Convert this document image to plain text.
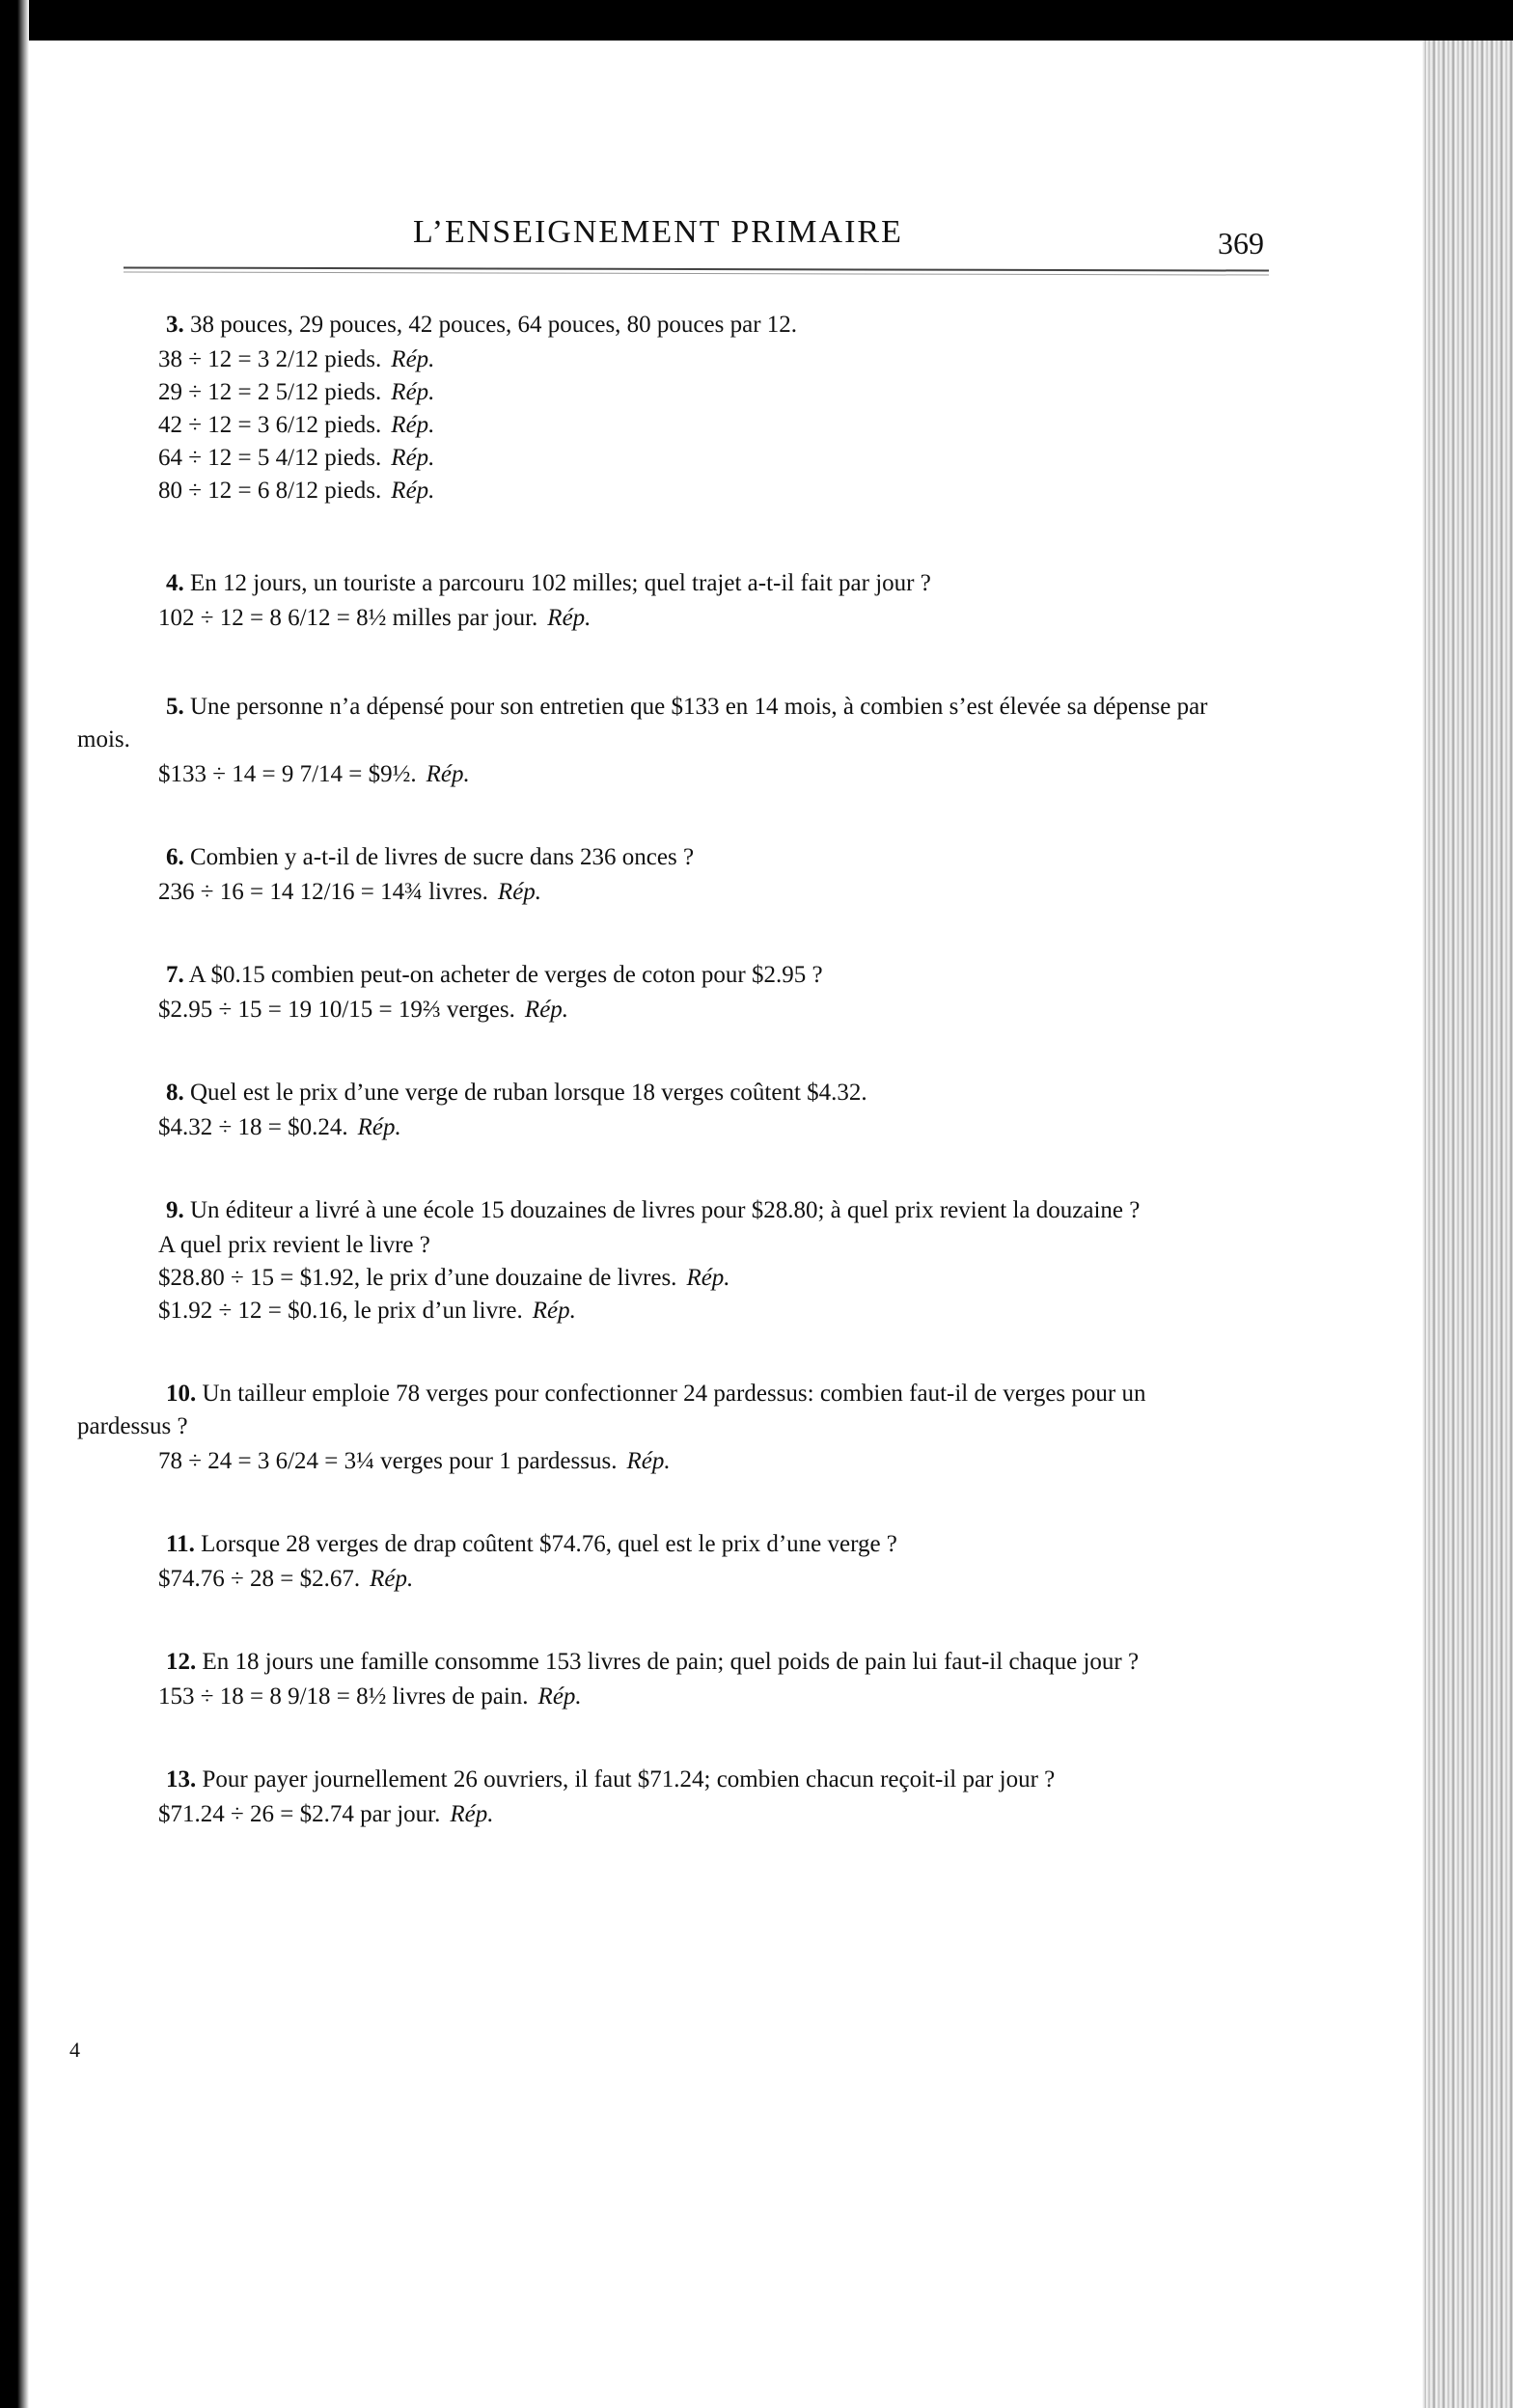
L’ENSEIGNEMENT PRIMAIRE	369

3. 38 pouces, 29 pouces, 42 pouces, 64 pouces, 80 pouces par 12.

38 ÷ 12 = 3 2/12 pieds. Rép.

29 ÷ 12 = 2 5/12 pieds. Rép.

42 ÷ 12 = 3 6/12 pieds. Rép.

64 ÷ 12 = 5 4/12 pieds. Rép.

80 ÷ 12 = 6 8/12 pieds. Rép.

4. En 12 jours, un touriste a parcouru 102 milles; quel trajet a-t-il fait par jour ?

102 ÷ 12 = 8 6/12 = 8½ milles par jour. Rép.

5. Une personne n’a dépensé pour son entretien que $133 en 14 mois, à combien s’est élevée sa dépense par mois.

$133 ÷ 14 = 9 7/14 = $9½. Rép.

6. Combien y a-t-il de livres de sucre dans 236 onces ?

236 ÷ 16 = 14 12/16 = 14¾ livres. Rép.

7. A $0.15 combien peut-on acheter de verges de coton pour $2.95 ?

$2.95 ÷ 15 = 19 10/15 = 19⅔ verges. Rép.

8. Quel est le prix d’une verge de ruban lorsque 18 verges coûtent $4.32.

$4.32 ÷ 18 = $0.24. Rép.

9. Un éditeur a livré à une école 15 douzaines de livres pour $28.80; à quel prix revient la douzaine ?

A quel prix revient le livre ?

$28.80 ÷ 15 = $1.92, le prix d’une douzaine de livres. Rép.

$1.92 ÷ 12 = $0.16, le prix d’un livre. Rép.

10. Un tailleur emploie 78 verges pour confectionner 24 pardessus: combien faut-il de verges pour un pardessus ?

78 ÷ 24 = 3 6/24 = 3¼ verges pour 1 pardessus. Rép.

11. Lorsque 28 verges de drap coûtent $74.76, quel est le prix d’une verge ?

$74.76 ÷ 28 = $2.67. Rép.

12. En 18 jours une famille consomme 153 livres de pain; quel poids de pain lui faut-il chaque jour ?

153 ÷ 18 = 8 9/18 = 8½ livres de pain. Rép.

13. Pour payer journellement 26 ouvriers, il faut $71.24; combien chacun reçoit-il par jour ?

$71.24 ÷ 26 = $2.74 par jour. Rép.

4
